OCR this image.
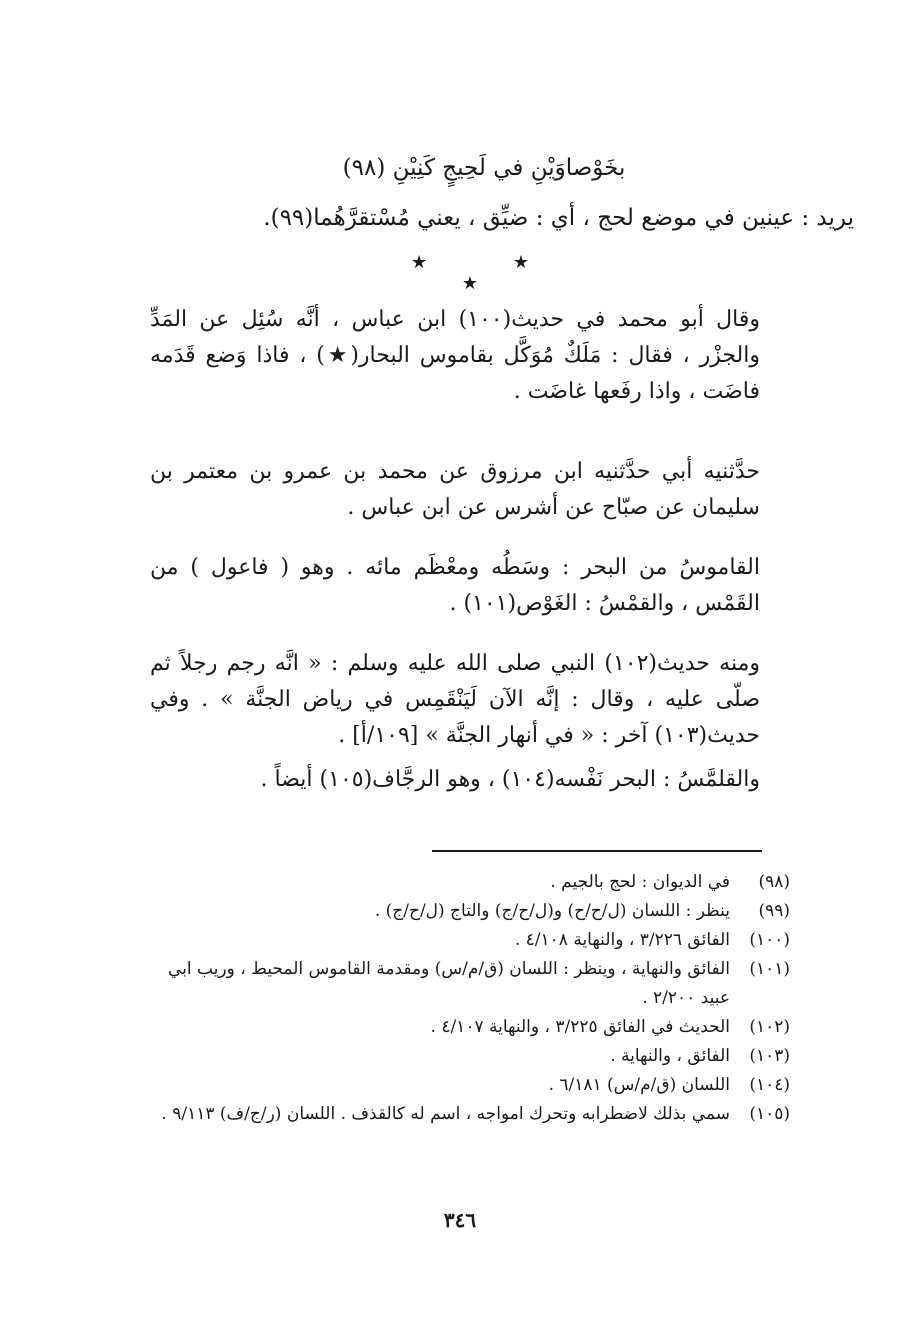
بخَوْصاوَيْنِ في لَحِيجٍ كَنِيْنِ (٩٨)
يريد : عينين في موضع لحج ، أي : ضيِّق ، يعني مُسْتقرَّهُما(٩٩).
★ ★ ★

وقال أبو محمد في حديث(١٠٠) ابن عباس ، أنَّه سُئِل عن المَدِّ والجزْر ، فقال : مَلَكٌ مُوَكَّل بقاموس البحار(★) ، فاذا وَضع قَدَمه فاضَت ، واذا رفَعها غاضَت .

حدَّثنيه أبي حدَّثنيه ابن مرزوق عن محمد بن عمرو بن معتمر بن سليمان عن صبّاح عن أشرس عن ابن عباس .

القاموسُ من البحر : وسَطُه ومعْظَم مائه . وهو ( فاعول ) من القَمْس ، والقمْسُ : الغَوْص(١٠١) .

ومنه حديث(١٠٢) النبي صلى الله عليه وسلم : « انَّه رجم رجلاً ثم صلّى عليه ، وقال : إنَّه الآن لَيَنْقَمِس في رياض الجنَّة » . وفي حديث(١٠٣) آخر : « في أنهار الجنَّة » [١٠٩/أ] .

والقلمَّسُ : البحر نَفْسه(١٠٤) ، وهو الرجَّاف(١٠٥) أيضاً .

(٩٨)
في الديوان : لحج بالجيم .
(٩٩)
ينظر : اللسان (ل/ح/ح) و(ل/ح/ج) والتاج (ل/ح/ج) .
(١٠٠)
الفائق ٣/٢٢٦ ، والنهاية ٤/١٠٨ .
(١٠١)
الفائق والنهاية ، وينظر : اللسان (ق/م/س) ومقدمة القاموس المحيط ، وريب ابي عبيد ٢/٢٠٠ .
(١٠٢)
الحديث في الفائق ٣/٢٢٥ ، والنهاية ٤/١٠٧ .
(١٠٣)
الفائق ، والنهاية .
(١٠٤)
اللسان (ق/م/س) ٦/١٨١ .
(١٠٥)
سمي بذلك لاضطرابه وتحرك امواجه ، اسم له كالقذف . اللسان (ر/ج/ف) ٩/١١٣ .
٣٤٦
